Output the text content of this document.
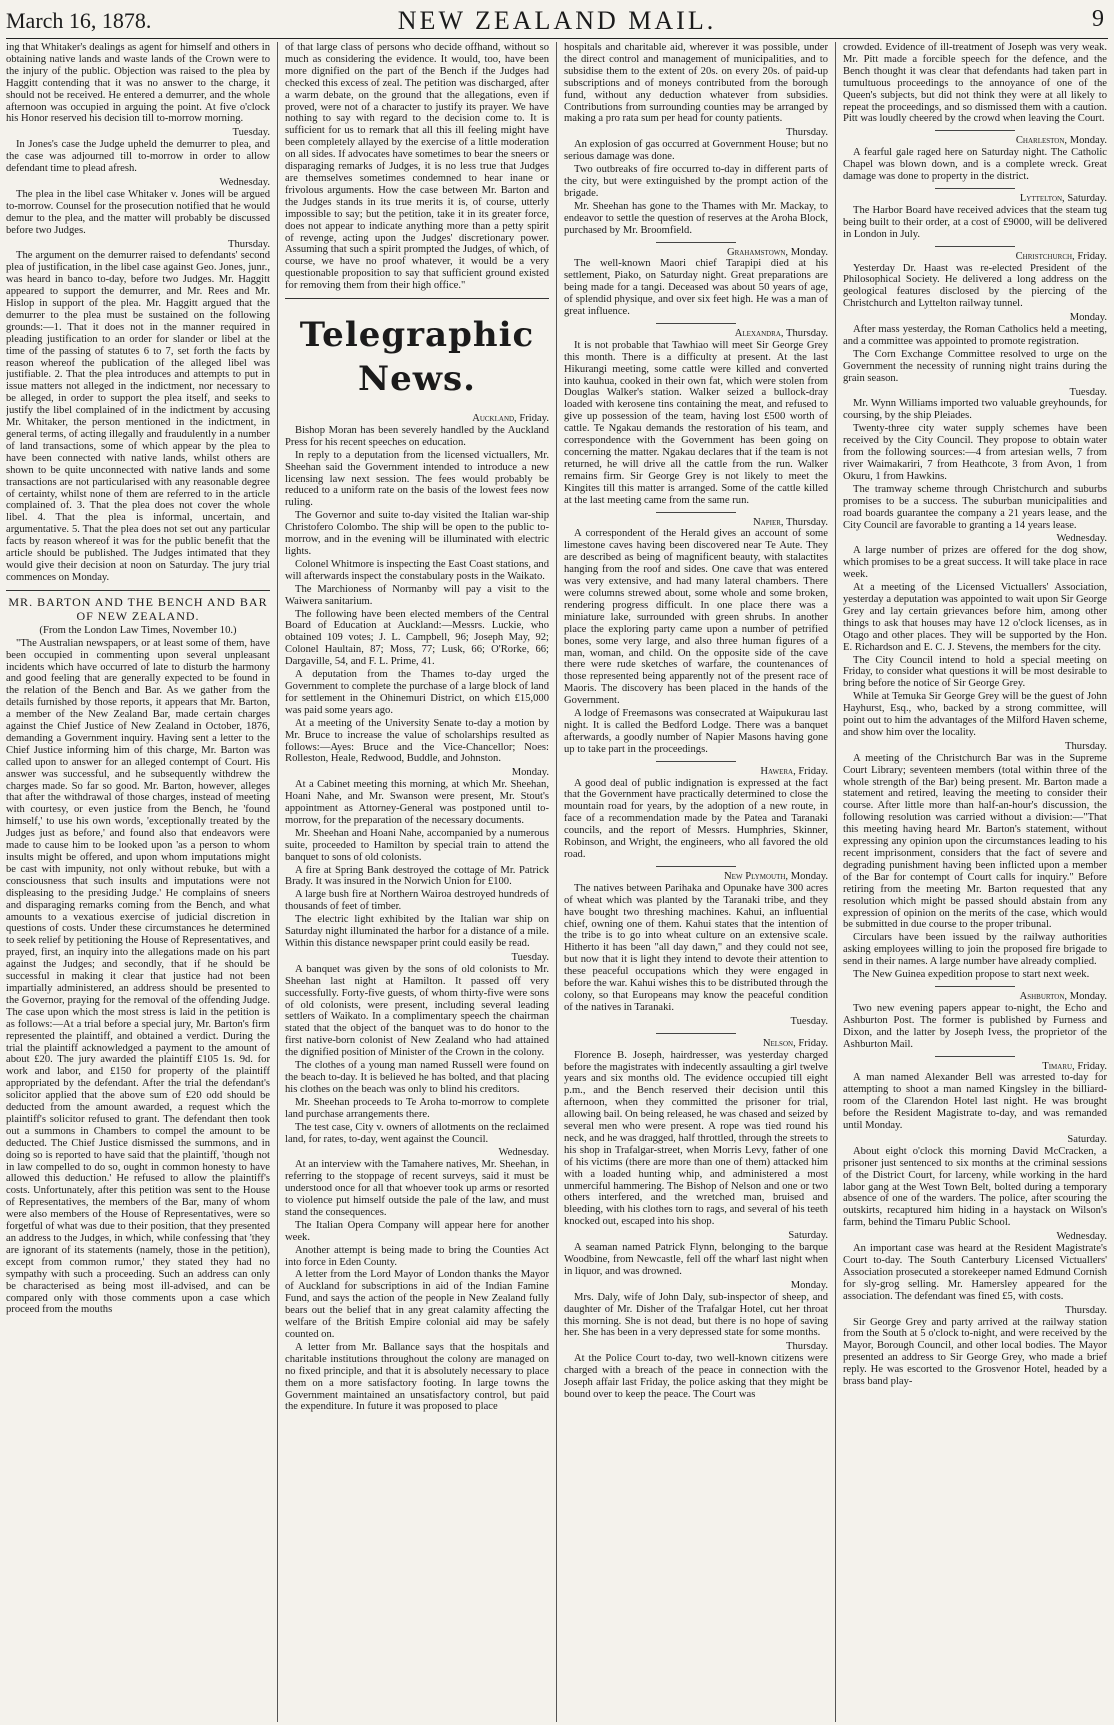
March 16, 1878.	NEW ZEALAND MAIL.	9

ing that Whitaker's dealings as agent for himself and others in obtaining native lands and waste lands of the Crown were to the injury of the public. Objection was raised to the plea by Haggitt contending that it was no answer to the charge, it should not be received. He entered a demurrer, and the whole afternoon was occupied in arguing the point. At five o'clock his Honor reserved his decision till to-morrow morning.

Tuesday.

In Jones's case the Judge upheld the demurrer to plea, and the case was adjourned till to-morrow in order to allow defendant time to plead afresh.

Wednesday.

The plea in the libel case Whitaker v. Jones will be argued to-morrow. Counsel for the prosecution notified that he would demur to the plea, and the matter will probably be discussed before two Judges.

Thursday.

The argument on the demurrer raised to defendants' second plea of justification, in the libel case against Geo. Jones, junr., was heard in banco to-day, before two Judges. Mr. Haggitt appeared to support the demurrer, and Mr. Rees and Mr. Hislop in support of the plea. Mr. Haggitt argued that the demurrer to the plea must be sustained on the following grounds:—1. That it does not in the manner required in pleading justification to an order for slander or libel at the time of the passing of statutes 6 to 7, set forth the facts by reason whereof the publication of the alleged libel was justifiable. 2. That the plea introduces and attempts to put in issue matters not alleged in the indictment, nor necessary to be alleged, in order to support the plea itself, and seeks to justify the libel complained of in the indictment by accusing Mr. Whitaker, the person mentioned in the indictment, in general terms, of acting illegally and fraudulently in a number of land transactions, some of which appear by the plea to have been connected with native lands, whilst others are shown to be quite unconnected with native lands and some transactions are not particularised with any reasonable degree of certainty, whilst none of them are referred to in the article complained of. 3. That the plea does not cover the whole libel. 4. That the plea is informal, uncertain, and argumentative. 5. That the plea does not set out any particular facts by reason whereof it was for the public benefit that the article should be published. The Judges intimated that they would give their decision at noon on Saturday. The jury trial commences on Monday.

MR. BARTON AND THE BENCH AND BAR OF NEW ZEALAND.

(From the London Law Times, November 10.)

"The Australian newspapers, or at least some of them, have been occupied in commenting upon several unpleasant incidents which have occurred of late to disturb the harmony and good feeling that are generally expected to be found in the relation of the Bench and Bar. As we gather from the details furnished by those reports, it appears that Mr. Barton, a member of the New Zealand Bar, made certain charges against the Chief Justice of New Zealand in October, 1876, demanding a Government inquiry. Having sent a letter to the Chief Justice informing him of this charge, Mr. Barton was called upon to answer for an alleged contempt of Court. His answer was successful, and he subsequently withdrew the charges made. So far so good. Mr. Barton, however, alleges that after the withdrawal of those charges, instead of meeting with courtesy, or even justice from the Bench, he 'found himself,' to use his own words, 'exceptionally treated by the Judges just as before,' and found also that endeavors were made to cause him to be looked upon 'as a person to whom insults might be offered, and upon whom imputations might be cast with impunity, not only without rebuke, but with a consciousness that such insults and imputations were not displeasing to the presiding Judge.' He complains of sneers and disparaging remarks coming from the Bench, and what amounts to a vexatious exercise of judicial discretion in questions of costs. Under these circumstances he determined to seek relief by petitioning the House of Representatives, and prayed, first, an inquiry into the allegations made on his part against the Judges; and secondly, that if he should be successful in making it clear that justice had not been impartially administered, an address should be presented to the Governor, praying for the removal of the offending Judge. The case upon which the most stress is laid in the petition is as follows:—At a trial before a special jury, Mr. Barton's firm represented the plaintiff, and obtained a verdict. During the trial the plaintiff acknowledged a payment to the amount of about £20. The jury awarded the plaintiff £105 1s. 9d. for work and labor, and £150 for property of the plaintiff appropriated by the defendant. After the trial the defendant's solicitor applied that the above sum of £20 odd should be deducted from the amount awarded, a request which the plaintiff's solicitor refused to grant. The defendant then took out a summons in Chambers to compel the amount to be deducted. The Chief Justice dismissed the summons, and in doing so is reported to have said that the plaintiff, 'though not in law compelled to do so, ought in common honesty to have allowed this deduction.' He refused to allow the plaintiff's costs. Unfortunately, after this petition was sent to the House of Representatives, the members of the Bar, many of whom were also members of the House of Representatives, were so forgetful of what was due to their position, that they presented an address to the Judges, in which, while confessing that 'they are ignorant of its statements (namely, those in the petition), except from common rumor,' they stated they had no sympathy with such a proceeding. Such an address can only be characterised as being most ill-advised, and can be compared only with those comments upon a case which proceed from the mouths

of that large class of persons who decide offhand, without so much as considering the evidence. It would, too, have been more dignified on the part of the Bench if the Judges had checked this excess of zeal. The petition was discharged, after a warm debate, on the ground that the allegations, even if proved, were not of a character to justify its prayer. We have nothing to say with regard to the decision come to. It is sufficient for us to remark that all this ill feeling might have been completely allayed by the exercise of a little moderation on all sides. If advocates have sometimes to bear the sneers or disparaging remarks of Judges, it is no less true that Judges are themselves sometimes condemned to hear inane or frivolous arguments. How the case between Mr. Barton and the Judges stands in its true merits it is, of course, utterly impossible to say; but the petition, take it in its greater force, does not appear to indicate anything more than a petty spirit of revenge, acting upon the Judges' discretionary power. Assuming that such a spirit prompted the Judges, of which, of course, we have no proof whatever, it would be a very questionable proposition to say that sufficient ground existed for removing them from their high office."

Telegraphic News.

Auckland, Friday.

Bishop Moran has been severely handled by the Auckland Press for his recent speeches on education.

In reply to a deputation from the licensed victuallers, Mr. Sheehan said the Government intended to introduce a new licensing law next session. The fees would probably be reduced to a uniform rate on the basis of the lowest fees now ruling.

The Governor and suite to-day visited the Italian war-ship Christofero Colombo. The ship will be open to the public to-morrow, and in the evening will be illuminated with electric lights.

Colonel Whitmore is inspecting the East Coast stations, and will afterwards inspect the constabulary posts in the Waikato.

The Marchioness of Normanby will pay a visit to the Waiwera sanitarium.

The following have been elected members of the Central Board of Education at Auckland:—Messrs. Luckie, who obtained 109 votes; J. L. Campbell, 96; Joseph May, 92; Colonel Haultain, 87; Moss, 77; Lusk, 66; O'Rorke, 66; Dargaville, 54, and F. L. Prime, 41.

A deputation from the Thames to-day urged the Government to complete the purchase of a large block of land for settlement in the Ohinemuri District, on which £15,000 was paid some years ago.

At a meeting of the University Senate to-day a motion by Mr. Bruce to increase the value of scholarships resulted as follows:—Ayes: Bruce and the Vice-Chancellor; Noes: Rolleston, Heale, Redwood, Buddle, and Johnston.

Monday.

At a Cabinet meeting this morning, at which Mr. Sheehan, Hoani Nahe, and Mr. Swanson were present, Mr. Stout's appointment as Attorney-General was postponed until to-morrow, for the preparation of the necessary documents.

Mr. Sheehan and Hoani Nahe, accompanied by a numerous suite, proceeded to Hamilton by special train to attend the banquet to sons of old colonists.

A fire at Spring Bank destroyed the cottage of Mr. Patrick Brady. It was insured in the Norwich Union for £100.

A large bush fire at Northern Wairoa destroyed hundreds of thousands of feet of timber.

The electric light exhibited by the Italian war ship on Saturday night illuminated the harbor for a distance of a mile. Within this distance newspaper print could easily be read.

Tuesday.

A banquet was given by the sons of old colonists to Mr. Sheehan last night at Hamilton. It passed off very successfully. Forty-five guests, of whom thirty-five were sons of old colonists, were present, including several leading settlers of Waikato. In a complimentary speech the chairman stated that the object of the banquet was to do honor to the first native-born colonist of New Zealand who had attained the dignified position of Minister of the Crown in the colony.

The clothes of a young man named Russell were found on the beach to-day. It is believed he has bolted, and that placing his clothes on the beach was only to blind his creditors.

Mr. Sheehan proceeds to Te Aroha to-morrow to complete land purchase arrangements there.

The test case, City v. owners of allotments on the reclaimed land, for rates, to-day, went against the Council.

Wednesday.

At an interview with the Tamahere natives, Mr. Sheehan, in referring to the stoppage of recent surveys, said it must be understood once for all that whoever took up arms or resorted to violence put himself outside the pale of the law, and must stand the consequences.

The Italian Opera Company will appear here for another week.

Another attempt is being made to bring the Counties Act into force in Eden County.

A letter from the Lord Mayor of London thanks the Mayor of Auckland for subscriptions in aid of the Indian Famine Fund, and says the action of the people in New Zealand fully bears out the belief that in any great calamity affecting the welfare of the British Empire colonial aid may be safely counted on.

A letter from Mr. Ballance says that the hospitals and charitable institutions throughout the colony are managed on no fixed principle, and that it is absolutely necessary to place them on a more satisfactory footing. In large towns the Government maintained an unsatisfactory control, but paid the expenditure. In future it was proposed to place

hospitals and charitable aid, wherever it was possible, under the direct control and management of municipalities, and to subsidise them to the extent of 20s. on every 20s. of paid-up subscriptions and of moneys contributed from the borough fund, without any deduction whatever from subsidies. Contributions from surrounding counties may be arranged by making a pro rata sum per head for county patients.

Thursday.

An explosion of gas occurred at Government House; but no serious damage was done.

Two outbreaks of fire occurred to-day in different parts of the city, but were extinguished by the prompt action of the brigade.

Mr. Sheehan has gone to the Thames with Mr. Mackay, to endeavor to settle the question of reserves at the Aroha Block, purchased by Mr. Broomfield.

Grahamstown, Monday.

The well-known Maori chief Tarapipi died at his settlement, Piako, on Saturday night. Great preparations are being made for a tangi. Deceased was about 50 years of age, of splendid physique, and over six feet high. He was a man of great influence.

Alexandra, Thursday.

It is not probable that Tawhiao will meet Sir George Grey this month. There is a difficulty at present. At the last Hikurangi meeting, some cattle were killed and converted into kauhua, cooked in their own fat, which were stolen from Douglas Walker's station. Walker seized a bullock-dray loaded with kerosene tins containing the meat, and refused to give up possession of the team, having lost £500 worth of cattle. Te Ngakau demands the restoration of his team, and correspondence with the Government has been going on concerning the matter. Ngakau declares that if the team is not returned, he will drive all the cattle from the run. Walker remains firm. Sir George Grey is not likely to meet the Kingites till this matter is arranged. Some of the cattle killed at the last meeting came from the same run.

Napier, Thursday.

A correspondent of the Herald gives an account of some limestone caves having been discovered near Te Aute. They are described as being of magnificent beauty, with stalactites hanging from the roof and sides. One cave that was entered was very extensive, and had many lateral chambers. There were columns strewed about, some whole and some broken, rendering progress difficult. In one place there was a miniature lake, surrounded with green shrubs. In another place the exploring party came upon a number of petrified bones, some very large, and also three human figures of a man, woman, and child. On the opposite side of the cave there were rude sketches of warfare, the countenances of those represented being apparently not of the present race of Maoris. The discovery has been placed in the hands of the Government.

A lodge of Freemasons was consecrated at Waipukurau last night. It is called the Bedford Lodge. There was a banquet afterwards, a goodly number of Napier Masons having gone up to take part in the proceedings.

Hawera, Friday.

A good deal of public indignation is expressed at the fact that the Government have practically determined to close the mountain road for years, by the adoption of a new route, in face of a recommendation made by the Patea and Taranaki councils, and the report of Messrs. Humphries, Skinner, Robinson, and Wright, the engineers, who all favored the old road.

New Plymouth, Monday.

The natives between Parihaka and Opunake have 300 acres of wheat which was planted by the Taranaki tribe, and they have bought two threshing machines. Kahui, an influential chief, owning one of them. Kahui states that the intention of the tribe is to go into wheat culture on an extensive scale. Hitherto it has been "all day dawn," and they could not see, but now that it is light they intend to devote their attention to these peaceful occupations which they were engaged in before the war. Kahui wishes this to be distributed through the colony, so that Europeans may know the peaceful condition of the natives in Taranaki.

Tuesday.

Nelson, Friday.

Florence B. Joseph, hairdresser, was yesterday charged before the magistrates with indecently assaulting a girl twelve years and six months old. The evidence occupied till eight p.m., and the Bench reserved their decision until this afternoon, when they committed the prisoner for trial, allowing bail. On being released, he was chased and seized by several men who were present. A rope was tied round his neck, and he was dragged, half throttled, through the streets to his shop in Trafalgar-street, when Morris Levy, father of one of his victims (there are more than one of them) attacked him with a loaded hunting whip, and administered a most unmerciful hammering. The Bishop of Nelson and one or two others interfered, and the wretched man, bruised and bleeding, with his clothes torn to rags, and several of his teeth knocked out, escaped into his shop.

Saturday.

A seaman named Patrick Flynn, belonging to the barque Woodbine, from Newcastle, fell off the wharf last night when in liquor, and was drowned.

Monday.

Mrs. Daly, wife of John Daly, sub-inspector of sheep, and daughter of Mr. Disher of the Trafalgar Hotel, cut her throat this morning. She is not dead, but there is no hope of saving her. She has been in a very depressed state for some months.

Thursday.

At the Police Court to-day, two well-known citizens were charged with a breach of the peace in connection with the Joseph affair last Friday, the police asking that they might be bound over to keep the peace. The Court was

crowded. Evidence of ill-treatment of Joseph was very weak. Mr. Pitt made a forcible speech for the defence, and the Bench thought it was clear that defendants had taken part in tumultuous proceedings to the annoyance of one of the Queen's subjects, but did not think they were at all likely to repeat the proceedings, and so dismissed them with a caution. Pitt was loudly cheered by the crowd when leaving the Court.

Charleston, Monday.

A fearful gale raged here on Saturday night. The Catholic Chapel was blown down, and is a complete wreck. Great damage was done to property in the district.

Lyttelton, Saturday.

The Harbor Board have received advices that the steam tug being built to their order, at a cost of £9000, will be delivered in London in July.

Christchurch, Friday.

Yesterday Dr. Haast was re-elected President of the Philosophical Society. He delivered a long address on the geological features disclosed by the piercing of the Christchurch and Lyttelton railway tunnel.

Monday.

After mass yesterday, the Roman Catholics held a meeting, and a committee was appointed to promote registration.

The Corn Exchange Committee resolved to urge on the Government the necessity of running night trains during the grain season.

Tuesday.

Mr. Wynn Williams imported two valuable greyhounds, for coursing, by the ship Pleiades.

Twenty-three city water supply schemes have been received by the City Council. They propose to obtain water from the following sources:—4 from artesian wells, 7 from river Waimakariri, 7 from Heathcote, 3 from Avon, 1 from Okuru, 1 from Hawkins.

The tramway scheme through Christchurch and suburbs promises to be a success. The suburban municipalities and road boards guarantee the company a 21 years lease, and the City Council are favorable to granting a 14 years lease.

Wednesday.

A large number of prizes are offered for the dog show, which promises to be a great success. It will take place in race week.

At a meeting of the Licensed Victuallers' Association, yesterday a deputation was appointed to wait upon Sir George Grey and lay certain grievances before him, among other things to ask that houses may have 12 o'clock licenses, as in Otago and other places. They will be supported by the Hon. E. Richardson and E. C. J. Stevens, the members for the city.

The City Council intend to hold a special meeting on Friday, to consider what questions it will be most desirable to bring before the notice of Sir George Grey.

While at Temuka Sir George Grey will be the guest of John Hayhurst, Esq., who, backed by a strong committee, will point out to him the advantages of the Milford Haven scheme, and show him over the locality.

Thursday.

A meeting of the Christchurch Bar was in the Supreme Court Library; seventeen members (total within three of the whole strength of the Bar) being present. Mr. Barton made a statement and retired, leaving the meeting to consider their course. After little more than half-an-hour's discussion, the following resolution was carried without a division:—"That this meeting having heard Mr. Barton's statement, without expressing any opinion upon the circumstances leading to his recent imprisonment, considers that the fact of severe and degrading punishment having been inflicted upon a member of the Bar for contempt of Court calls for inquiry." Before retiring from the meeting Mr. Barton requested that any resolution which might be passed should abstain from any expression of opinion on the merits of the case, which would be submitted in due course to the proper tribunal.

Circulars have been issued by the railway authorities asking employees willing to join the proposed fire brigade to send in their names. A large number have already complied.

The New Guinea expedition propose to start next week.

Ashburton, Monday.

Two new evening papers appear to-night, the Echo and Ashburton Post. The former is published by Furness and Dixon, and the latter by Joseph Ivess, the proprietor of the Ashburton Mail.

Timaru, Friday.

A man named Alexander Bell was arrested to-day for attempting to shoot a man named Kingsley in the billiard-room of the Clarendon Hotel last night. He was brought before the Resident Magistrate to-day, and was remanded until Monday.

Saturday.

About eight o'clock this morning David McCracken, a prisoner just sentenced to six months at the criminal sessions of the District Court, for larceny, while working in the hard labor gang at the West Town Belt, bolted during a temporary absence of one of the warders. The police, after scouring the outskirts, recaptured him hiding in a haystack on Wilson's farm, behind the Timaru Public School.

Wednesday.

An important case was heard at the Resident Magistrate's Court to-day. The South Canterbury Licensed Victuallers' Association prosecuted a storekeeper named Edmund Cornish for sly-grog selling. Mr. Hamersley appeared for the association. The defendant was fined £5, with costs.

Thursday.

Sir George Grey and party arrived at the railway station from the South at 5 o'clock to-night, and were received by the Mayor, Borough Council, and other local bodies. The Mayor presented an address to Sir George Grey, who made a brief reply. He was escorted to the Grosvenor Hotel, headed by a brass band play-
